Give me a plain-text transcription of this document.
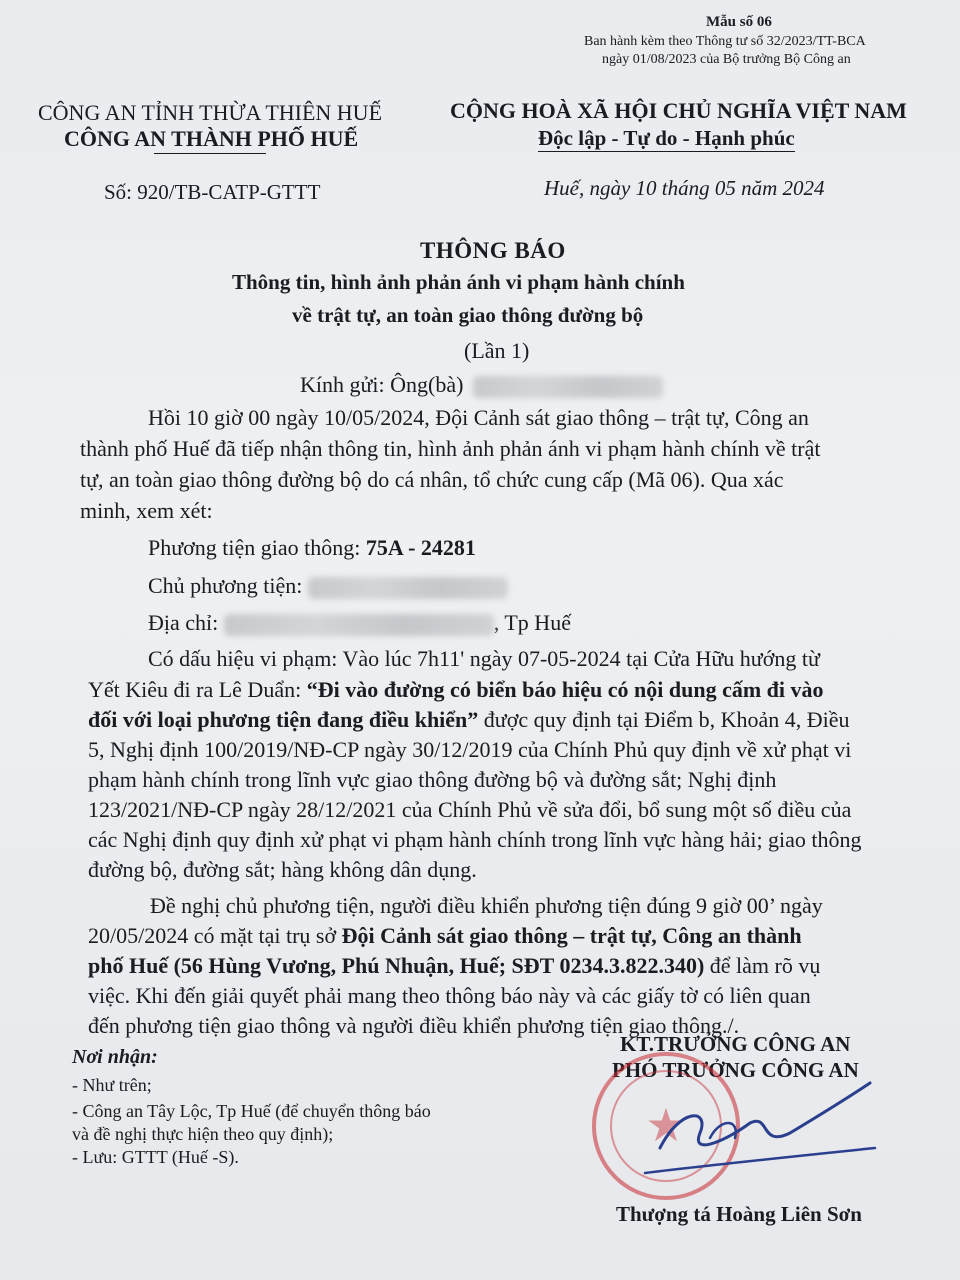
Mẫu số 06
Ban hành kèm theo Thông tư số 32/2023/TT-BCA
ngày 01/08/2023 của Bộ trưởng Bộ Công an
CÔNG AN TỈNH THỪA THIÊN HUẾ
CÔNG AN THÀNH PHỐ HUẾ
Số: 920/TB-CATP-GTTT
CỘNG HOÀ XÃ HỘI CHỦ NGHĨA VIỆT NAM
Độc lập - Tự do - Hạnh phúc
Huế, ngày 10 tháng 05 năm 2024
THÔNG BÁO
Thông tin, hình ảnh phản ánh vi phạm hành chính
về trật tự, an toàn giao thông đường bộ
(Lần 1)
Kính gửi: Ông(bà)
Hồi 10 giờ 00 ngày 10/05/2024, Đội Cảnh sát giao thông – trật tự, Công an
thành phố Huế đã tiếp nhận thông tin, hình ảnh phản ánh vi phạm hành chính về trật
tự, an toàn giao thông đường bộ do cá nhân, tổ chức cung cấp (Mã 06). Qua xác
minh, xem xét:
Phương tiện giao thông: 75A - 24281
Chủ phương tiện:
Địa chỉ:	, Tp Huế
Có dấu hiệu vi phạm: Vào lúc 7h11' ngày 07-05-2024 tại Cửa Hữu hướng từ
Yết Kiêu đi ra Lê Duẩn: “Đi vào đường có biển báo hiệu có nội dung cấm đi vào
đối với loại phương tiện đang điều khiển” được quy định tại Điểm b, Khoản 4, Điều
5, Nghị định 100/2019/NĐ-CP ngày 30/12/2019 của Chính Phủ quy định về xử phạt vi
phạm hành chính trong lĩnh vực giao thông đường bộ và đường sắt; Nghị định
123/2021/NĐ-CP ngày 28/12/2021 của Chính Phủ về sửa đổi, bổ sung một số điều của
các Nghị định quy định xử phạt vi phạm hành chính trong lĩnh vực hàng hải; giao thông
đường bộ, đường sắt; hàng không dân dụng.
Đề nghị chủ phương tiện, người điều khiển phương tiện đúng 9 giờ 00’ ngày
20/05/2024 có mặt tại trụ sở Đội Cảnh sát giao thông – trật tự, Công an thành
phố Huế (56 Hùng Vương, Phú Nhuận, Huế; SĐT 0234.3.822.340) để làm rõ vụ
việc. Khi đến giải quyết phải mang theo thông báo này và các giấy tờ có liên quan
đến phương tiện giao thông và người điều khiển phương tiện giao thông./.
Nơi nhận:
- Như trên;
- Công an Tây Lộc, Tp Huế (để chuyển thông báo
và đề nghị thực hiện theo quy định);
- Lưu: GTTT (Huế -S).
KT.TRƯỞNG CÔNG AN
PHÓ TRƯỞNG CÔNG AN
★
Thượng tá Hoàng Liên Sơn
